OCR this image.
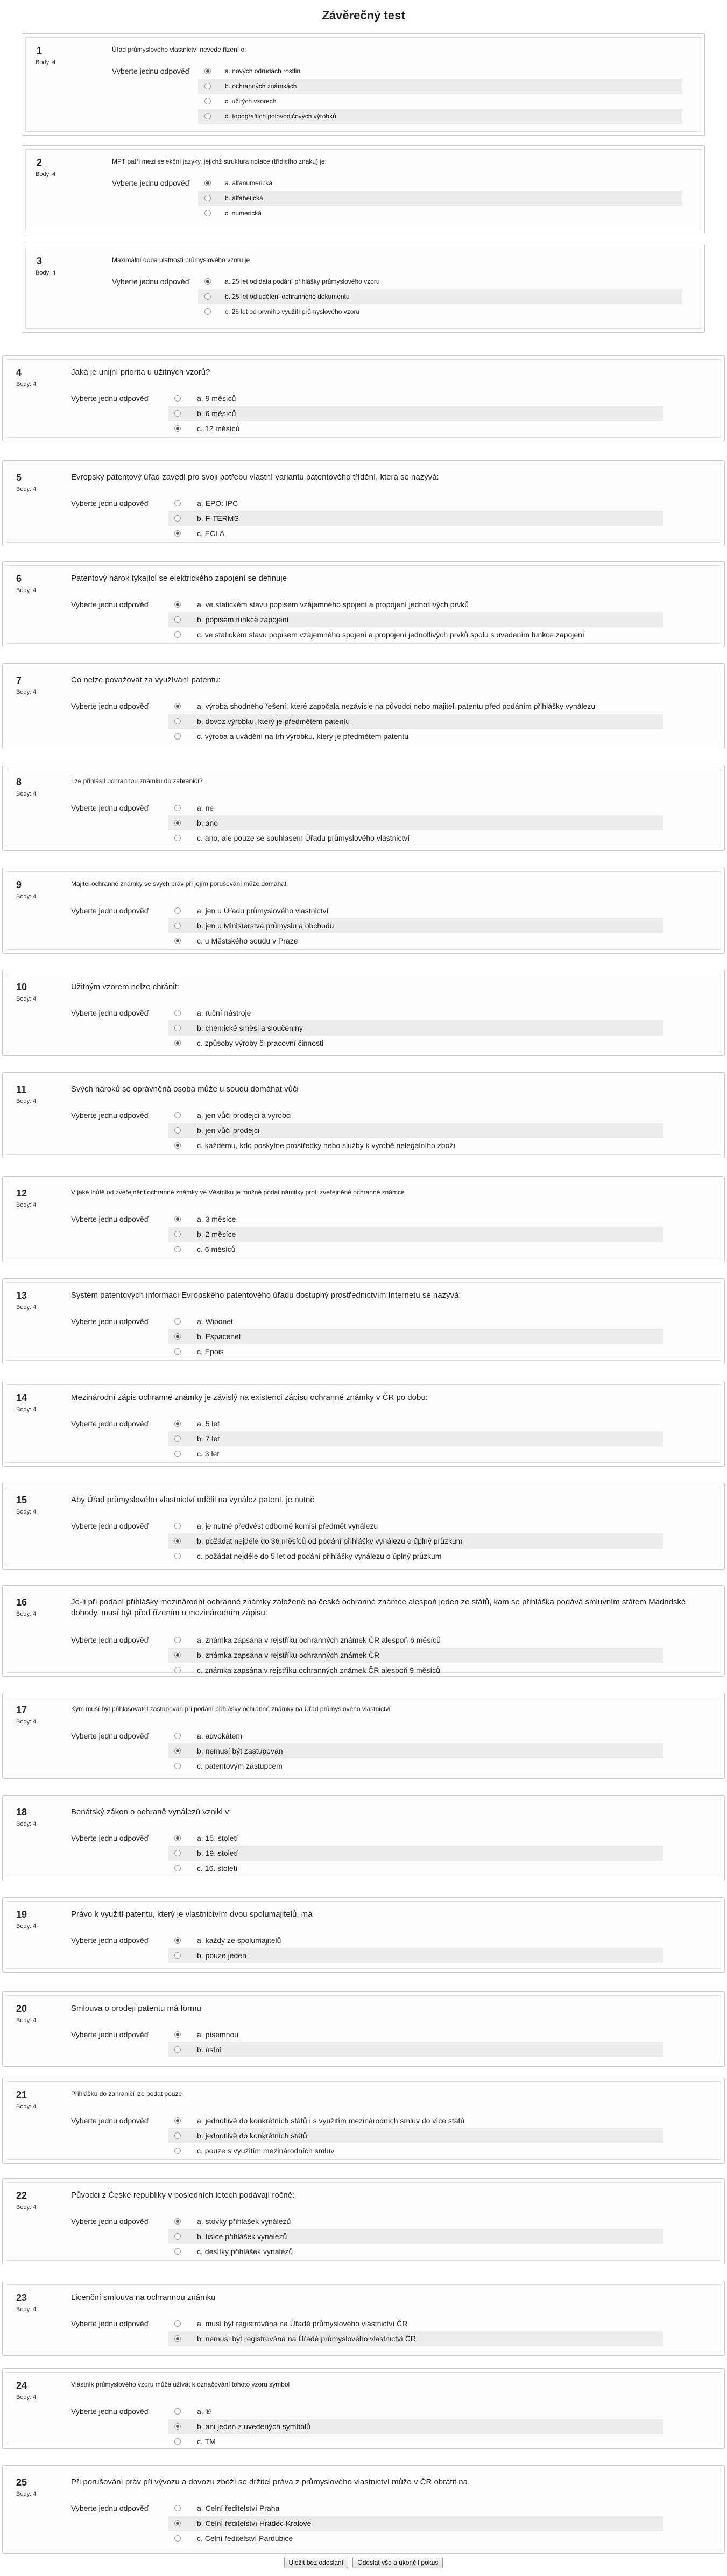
Závěrečný test
1
Body: 4
Úřad průmyslového vlastnictví nevede řízení o:
Vyberte jednu odpověď	a. nových odrůdách rostlin
b. ochranných známkách
c. užitých vzorech
d. topografiích polovodičových výrobků
2
Body: 4
MPT patří mezi selekční jazyky, jejichž struktura notace (třídicího znaku) je:
Vyberte jednu odpověď	a. alfanumerická
b. alfabetická
c. numerická
3
Body: 4
Maximální doba platnosti průmyslového vzoru je
Vyberte jednu odpověď	a. 25 let od data podání přihlášky průmyslového vzoru
b. 25 let od udělení ochranného dokumentu
c. 25 let od prvního využití průmyslového vzoru
4
Body: 4
Jaká je unijní priorita u užitných vzorů?
Vyberte jednu odpověď	a. 9 měsíců
b. 6 měsíců
c. 12 měsíců
5
Body: 4
Evropský patentový úřad zavedl pro svoji potřebu vlastní variantu patentového třídění, která se nazývá:
Vyberte jednu odpověď	a. EPO: IPC
b. F-TERMS
c. ECLA
6
Body: 4
Patentový nárok týkající se elektrického zapojení se definuje
Vyberte jednu odpověď	a. ve statickém stavu popisem vzájemného spojení a propojení jednotlivých prvků
b. popisem funkce zapojení
c. ve statickém stavu popisem vzájemného spojení a propojení jednotlivých prvků spolu s uvedením funkce zapojení
7
Body: 4
Co nelze považovat za využívání patentu:
Vyberte jednu odpověď	a. výroba shodného řešení, které započala nezávisle na původci nebo majiteli patentu před podáním přihlášky vynálezu
b. dovoz výrobku, který je předmětem patentu
c. výroba a uvádění na trh výrobku, který je předmětem patentu
8
Body: 4
Lze přihlásit ochrannou známku do zahraničí?
Vyberte jednu odpověď	a. ne
b. ano
c. ano, ale pouze se souhlasem Úřadu průmyslového vlastnictví
9
Body: 4
Majitel ochranné známky se svých práv při jejím porušování může domáhat
Vyberte jednu odpověď	a. jen u Úřadu průmyslového vlastnictví
b. jen u Ministerstva průmyslu a obchodu
c. u Městského soudu v Praze
10
Body: 4
Užitným vzorem nelze chránit:
Vyberte jednu odpověď	a. ruční nástroje
b. chemické směsi a sloučeniny
c. způsoby výroby či pracovní činnosti
11
Body: 4
Svých nároků se oprávněná osoba může u soudu domáhat vůči
Vyberte jednu odpověď	a. jen vůči prodejci a výrobci
b. jen vůči prodejci
c. každému, kdo poskytne prostředky nebo služby k výrobě nelegálního zboží
12
Body: 4
V jaké lhůtě od zveřejnění ochranné známky ve Věstníku je možné podat námitky proti zveřejněné ochranné známce
Vyberte jednu odpověď	a. 3 měsíce
b. 2 měsíce
c. 6 měsíců
13
Body: 4
Systém patentových informací Evropského patentového úřadu dostupný prostřednictvím Internetu se nazývá:
Vyberte jednu odpověď	a. Wiponet
b. Espacenet
c. Epois
14
Body: 4
Mezinárodní zápis ochranné známky je závislý na existenci zápisu ochranné známky v ČR po dobu:
Vyberte jednu odpověď	a. 5 let
b. 7 let
c. 3 let
15
Body: 4
Aby Úřad průmyslového vlastnictví udělil na vynález patent, je nutné
Vyberte jednu odpověď	a. je nutné předvést odborné komisi předmět vynálezu
b. požádat nejdéle do 36 měsíců od podání přihlášky vynálezu o úplný průzkum
c. požádat nejdéle do 5 let od podání přihlášky vynálezu o úplný průzkum
16
Body: 4
Je-li při podání přihlášky mezinárodní ochranné známky založené na české ochranné známce alespoň jeden ze států, kam se přihláška podává smluvním státem Madridské dohody, musí být před řízením o mezinárodním zápisu:
Vyberte jednu odpověď	a. známka zapsána v rejstříku ochranných známek ČR alespoň 6 měsíců
b. známka zapsána v rejstříku ochranných známek ČR
c. známka zapsána v rejstříku ochranných známek ČR alespoň 9 měsíců
17
Body: 4
Kým musí být přihlašovatel zastupován při podání přihlášky ochranné známky na Úřad průmyslového vlastnictví
Vyberte jednu odpověď	a. advokátem
b. nemusí být zastupován
c. patentovým zástupcem
18
Body: 4
Benátský zákon o ochraně vynálezů vznikl v:
Vyberte jednu odpověď	a. 15. století
b. 19. století
c. 16. století
19
Body: 4
Právo k využití patentu, který je vlastnictvím dvou spolumajitelů, má
Vyberte jednu odpověď	a. každý ze spolumajitelů
b. pouze jeden
20
Body: 4
Smlouva o prodeji patentu má formu
Vyberte jednu odpověď	a. písemnou
b. ústní
21
Body: 4
Přihlášku do zahraničí lze podat pouze
Vyberte jednu odpověď	a. jednotlivě do konkrétních států i s využitím mezinárodních smluv do více států
b. jednotlivě do konkrétních států
c. pouze s využitím mezinárodních smluv
22
Body: 4
Původci z České republiky v posledních letech podávají ročně:
Vyberte jednu odpověď	a. stovky přihlášek vynálezů
b. tisíce přihlášek vynálezů
c. desítky přihlášek vynálezů
23
Body: 4
Licenční smlouva na ochrannou známku
Vyberte jednu odpověď	a. musí být registrována na Úřadě průmyslového vlastnictví ČR
b. nemusí být registrována na Úřadě průmyslového vlastnictví ČR
24
Body: 4
Vlastník průmyslového vzoru může užívat k označování tohoto vzoru symbol
Vyberte jednu odpověď	a. ®
b. ani jeden z uvedených symbolů
c. TM
25
Body: 4
Při porušování práv při vývozu a dovozu zboží se držitel práva z průmyslového vlastnictví může v ČR obrátit na
Vyberte jednu odpověď	a. Celní ředitelství Praha
b. Celní ředitelství Hradec Králové
c. Celní ředitelství Pardubice
Uložit bez odeslání Odeslat vše a ukončit pokus
